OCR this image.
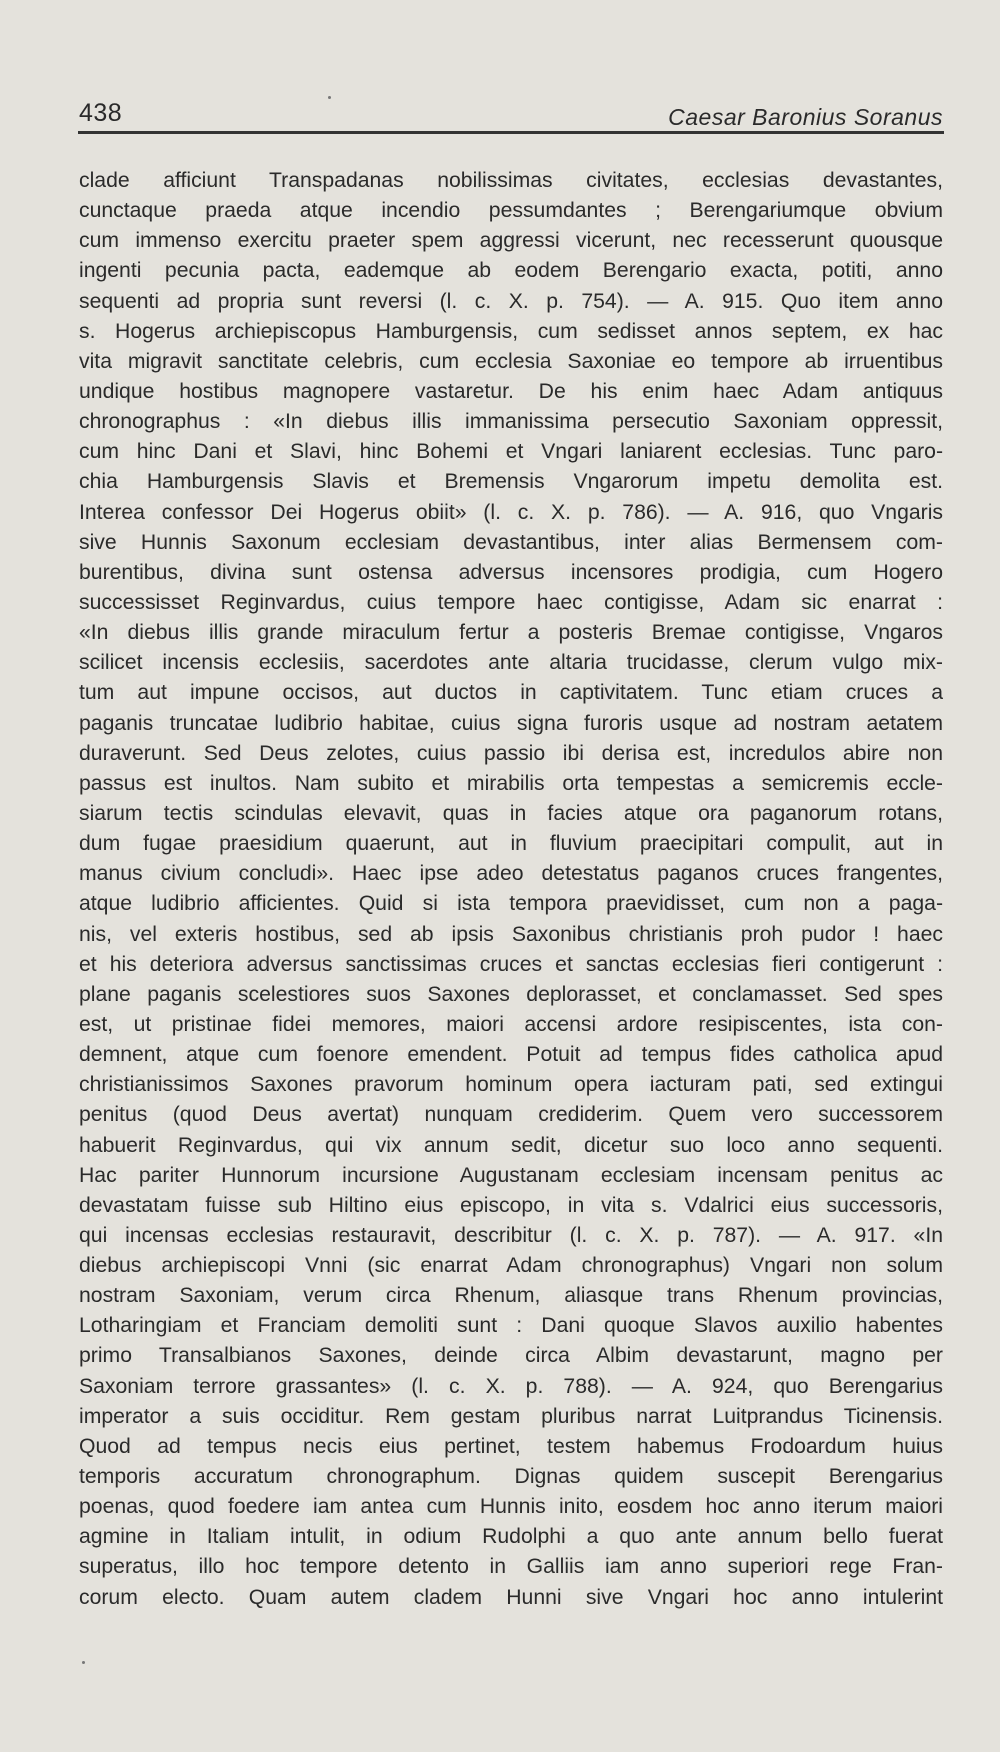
438	Caesar Baronius Soranus
clade afficiunt Transpadanas nobilissimas civitates, ecclesias devastantes,
cunctaque praeda atque incendio pessumdantes ; Berengariumque obvium
cum immenso exercitu praeter spem aggressi vicerunt, nec recesserunt quousque
ingenti pecunia pacta, eademque ab eodem Berengario exacta, potiti, anno
sequenti ad propria sunt reversi (l. c. X. p. 754). — A. 915. Quo item anno
s. Hogerus archiepiscopus Hamburgensis, cum sedisset annos septem, ex hac
vita migravit sanctitate celebris, cum ecclesia Saxoniae eo tempore ab irruentibus
undique hostibus magnopere vastaretur. De his enim haec Adam antiquus
chronographus : «In diebus illis immanissima persecutio Saxoniam oppressit,
cum hinc Dani et Slavi, hinc Bohemi et Vngari laniarent ecclesias. Tunc paro-
chia Hamburgensis Slavis et Bremensis Vngarorum impetu demolita est.
Interea confessor Dei Hogerus obiit» (l. c. X. p. 786). — A. 916, quo Vngaris
sive Hunnis Saxonum ecclesiam devastantibus, inter alias Bermensem com-
burentibus, divina sunt ostensa adversus incensores prodigia, cum Hogero
successisset Reginvardus, cuius tempore haec contigisse, Adam sic enarrat :
«In diebus illis grande miraculum fertur a posteris Bremae contigisse, Vngaros
scilicet incensis ecclesiis, sacerdotes ante altaria trucidasse, clerum vulgo mix-
tum aut impune occisos, aut ductos in captivitatem. Tunc etiam cruces a
paganis truncatae ludibrio habitae, cuius signa furoris usque ad nostram aetatem
duraverunt. Sed Deus zelotes, cuius passio ibi derisa est, incredulos abire non
passus est inultos. Nam subito et mirabilis orta tempestas a semicremis eccle-
siarum tectis scindulas elevavit, quas in facies atque ora paganorum rotans,
dum fugae praesidium quaerunt, aut in fluvium praecipitari compulit, aut in
manus civium concludi». Haec ipse adeo detestatus paganos cruces frangentes,
atque ludibrio afficientes. Quid si ista tempora praevidisset, cum non a paga-
nis, vel exteris hostibus, sed ab ipsis Saxonibus christianis proh pudor ! haec
et his deteriora adversus sanctissimas cruces et sanctas ecclesias fieri contigerunt :
plane paganis scelestiores suos Saxones deplorasset, et conclamasset. Sed spes
est, ut pristinae fidei memores, maiori accensi ardore resipiscentes, ista con-
demnent, atque cum foenore emendent. Potuit ad tempus fides catholica apud
christianissimos Saxones pravorum hominum opera iacturam pati, sed extingui
penitus (quod Deus avertat) nunquam crediderim. Quem vero successorem
habuerit Reginvardus, qui vix annum sedit, dicetur suo loco anno sequenti.
Hac pariter Hunnorum incursione Augustanam ecclesiam incensam penitus ac
devastatam fuisse sub Hiltino eius episcopo, in vita s. Vdalrici eius successoris,
qui incensas ecclesias restauravit, describitur (l. c. X. p. 787). — A. 917. «In
diebus archiepiscopi Vnni (sic enarrat Adam chronographus) Vngari non solum
nostram Saxoniam, verum circa Rhenum, aliasque trans Rhenum provincias,
Lotharingiam et Franciam demoliti sunt : Dani quoque Slavos auxilio habentes
primo Transalbianos Saxones, deinde circa Albim devastarunt, magno per
Saxoniam terrore grassantes» (l. c. X. p. 788). — A. 924, quo Berengarius
imperator a suis occiditur. Rem gestam pluribus narrat Luitprandus Ticinensis.
Quod ad tempus necis eius pertinet, testem habemus Frodoardum huius
temporis accuratum chronographum. Dignas quidem suscepit Berengarius
poenas, quod foedere iam antea cum Hunnis inito, eosdem hoc anno iterum maiori
agmine in Italiam intulit, in odium Rudolphi a quo ante annum bello fuerat
superatus, illo hoc tempore detento in Galliis iam anno superiori rege Fran-
corum electo. Quam autem cladem Hunni sive Vngari hoc anno intulerint
